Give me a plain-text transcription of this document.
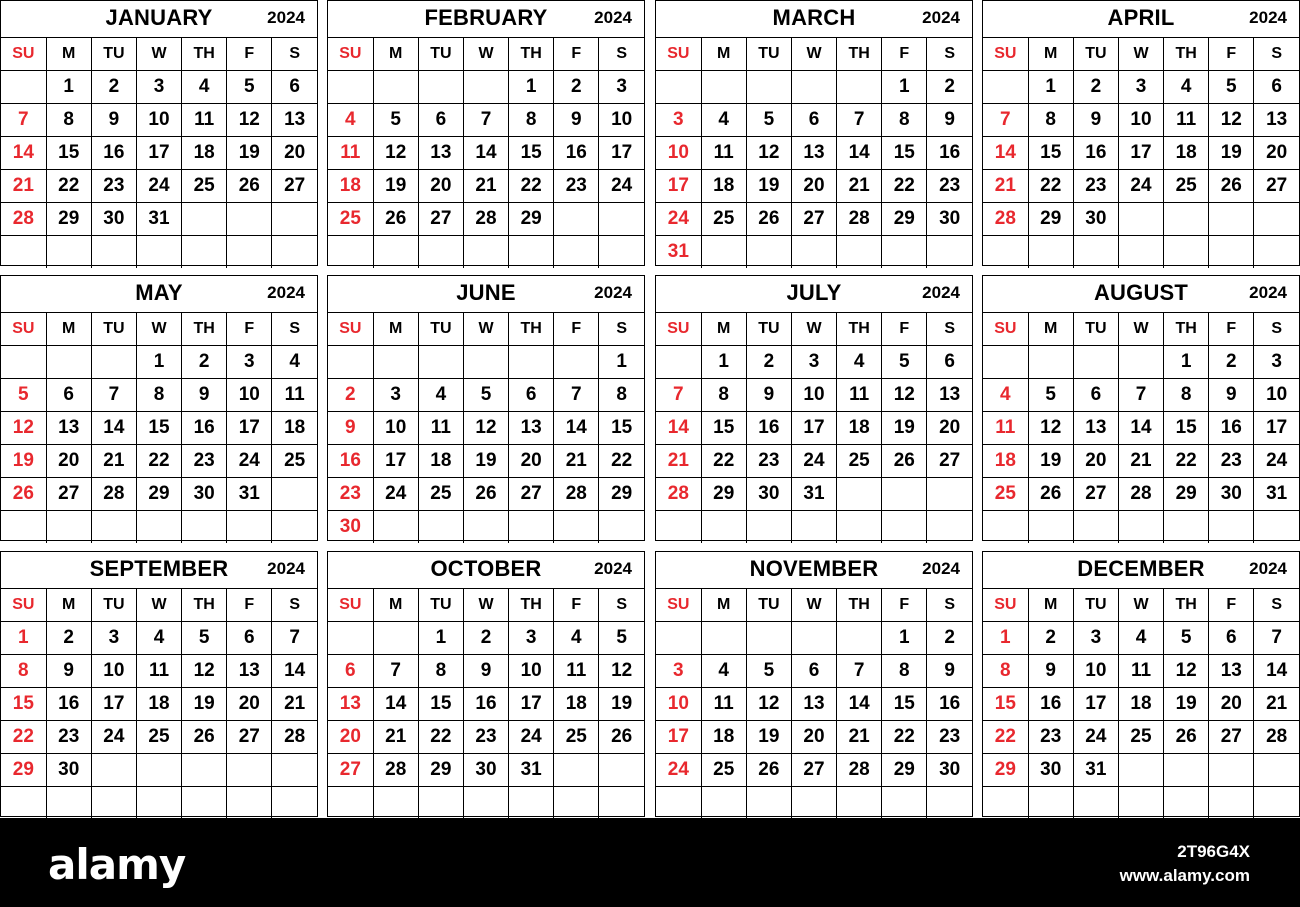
JANUARY	2024
SU	M	TU	W	TH	F	S
	1	2	3	4	5	6
7	8	9	10	11	12	13
14	15	16	17	18	19	20
21	22	23	24	25	26	27
28	29	30	31			

FEBRUARY	2024
SU	M	TU	W	TH	F	S
				1	2	3
4	5	6	7	8	9	10
11	12	13	14	15	16	17
18	19	20	21	22	23	24
25	26	27	28	29		

MARCH	2024
SU	M	TU	W	TH	F	S
					1	2
3	4	5	6	7	8	9
10	11	12	13	14	15	16
17	18	19	20	21	22	23
24	25	26	27	28	29	30
31						
APRIL	2024
SU	M	TU	W	TH	F	S
	1	2	3	4	5	6
7	8	9	10	11	12	13
14	15	16	17	18	19	20
21	22	23	24	25	26	27
28	29	30				

MAY	2024
SU	M	TU	W	TH	F	S
			1	2	3	4
5	6	7	8	9	10	11
12	13	14	15	16	17	18
19	20	21	22	23	24	25
26	27	28	29	30	31	

JUNE	2024
SU	M	TU	W	TH	F	S
						1
2	3	4	5	6	7	8
9	10	11	12	13	14	15
16	17	18	19	20	21	22
23	24	25	26	27	28	29
30						
JULY	2024
SU	M	TU	W	TH	F	S
	1	2	3	4	5	6
7	8	9	10	11	12	13
14	15	16	17	18	19	20
21	22	23	24	25	26	27
28	29	30	31			

AUGUST	2024
SU	M	TU	W	TH	F	S
				1	2	3
4	5	6	7	8	9	10
11	12	13	14	15	16	17
18	19	20	21	22	23	24
25	26	27	28	29	30	31

SEPTEMBER	2024
SU	M	TU	W	TH	F	S
1	2	3	4	5	6	7
8	9	10	11	12	13	14
15	16	17	18	19	20	21
22	23	24	25	26	27	28
29	30					

OCTOBER	2024
SU	M	TU	W	TH	F	S
		1	2	3	4	5
6	7	8	9	10	11	12
13	14	15	16	17	18	19
20	21	22	23	24	25	26
27	28	29	30	31		

NOVEMBER	2024
SU	M	TU	W	TH	F	S
					1	2
3	4	5	6	7	8	9
10	11	12	13	14	15	16
17	18	19	20	21	22	23
24	25	26	27	28	29	30

DECEMBER	2024
SU	M	TU	W	TH	F	S
1	2	3	4	5	6	7
8	9	10	11	12	13	14
15	16	17	18	19	20	21
22	23	24	25	26	27	28
29	30	31				

alamy	2T96G4X
www.alamy.com
